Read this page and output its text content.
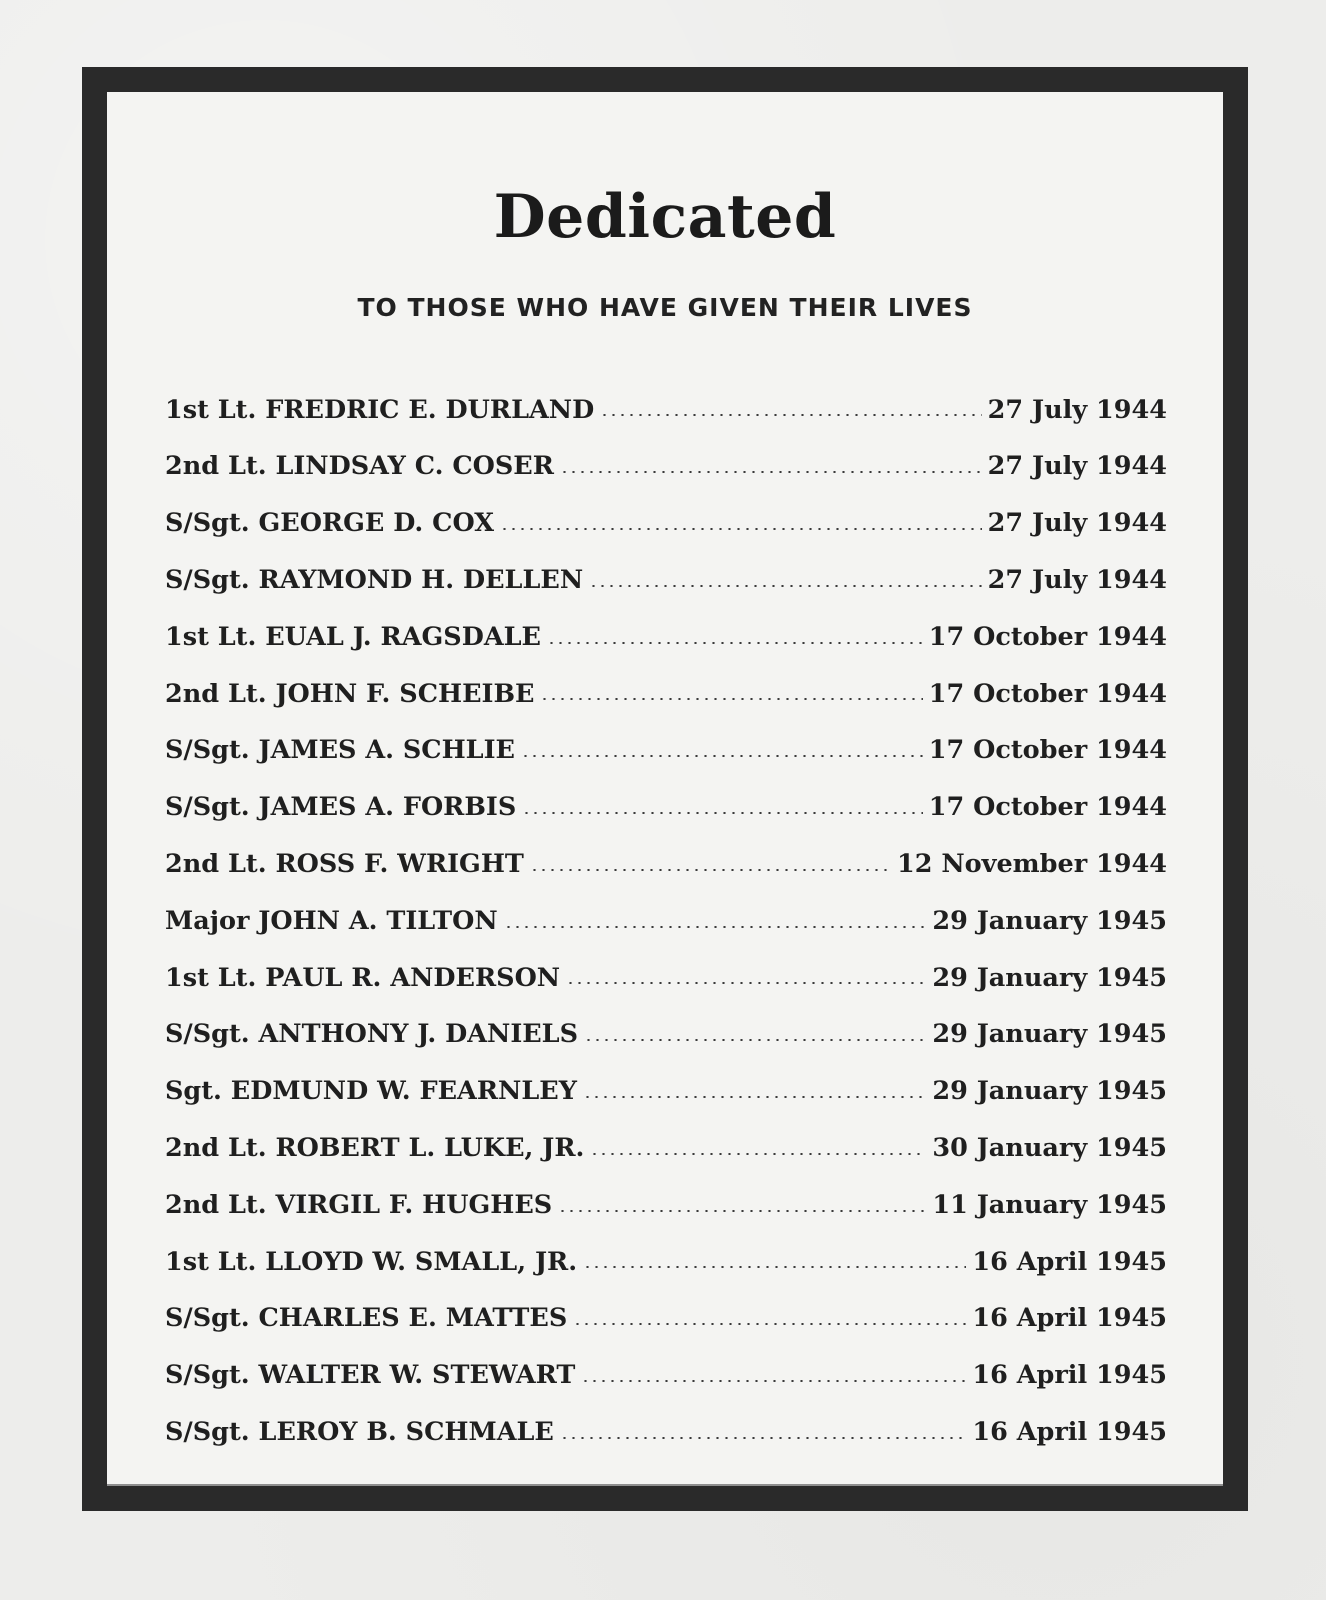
Dedicated
TO THOSE WHO HAVE GIVEN THEIR LIVES
1st Lt. FREDRIC E. DURLAND	27 July 1944
2nd Lt. LINDSAY C. COSER	27 July 1944
S/Sgt. GEORGE D. COX	27 July 1944
S/Sgt. RAYMOND H. DELLEN	27 July 1944
1st Lt. EUAL J. RAGSDALE	17 October 1944
2nd Lt. JOHN F. SCHEIBE	17 October 1944
S/Sgt. JAMES A. SCHLIE	17 October 1944
S/Sgt. JAMES A. FORBIS	17 October 1944
2nd Lt. ROSS F. WRIGHT	12 November 1944
Major JOHN A. TILTON	29 January 1945
1st Lt. PAUL R. ANDERSON	29 January 1945
S/Sgt. ANTHONY J. DANIELS	29 January 1945
Sgt. EDMUND W. FEARNLEY	29 January 1945
2nd Lt. ROBERT L. LUKE, JR.	30 January 1945
2nd Lt. VIRGIL F. HUGHES	11 January 1945
1st Lt. LLOYD W. SMALL, JR.	16 April 1945
S/Sgt. CHARLES E. MATTES	16 April 1945
S/Sgt. WALTER W. STEWART	16 April 1945
S/Sgt. LEROY B. SCHMALE	16 April 1945
